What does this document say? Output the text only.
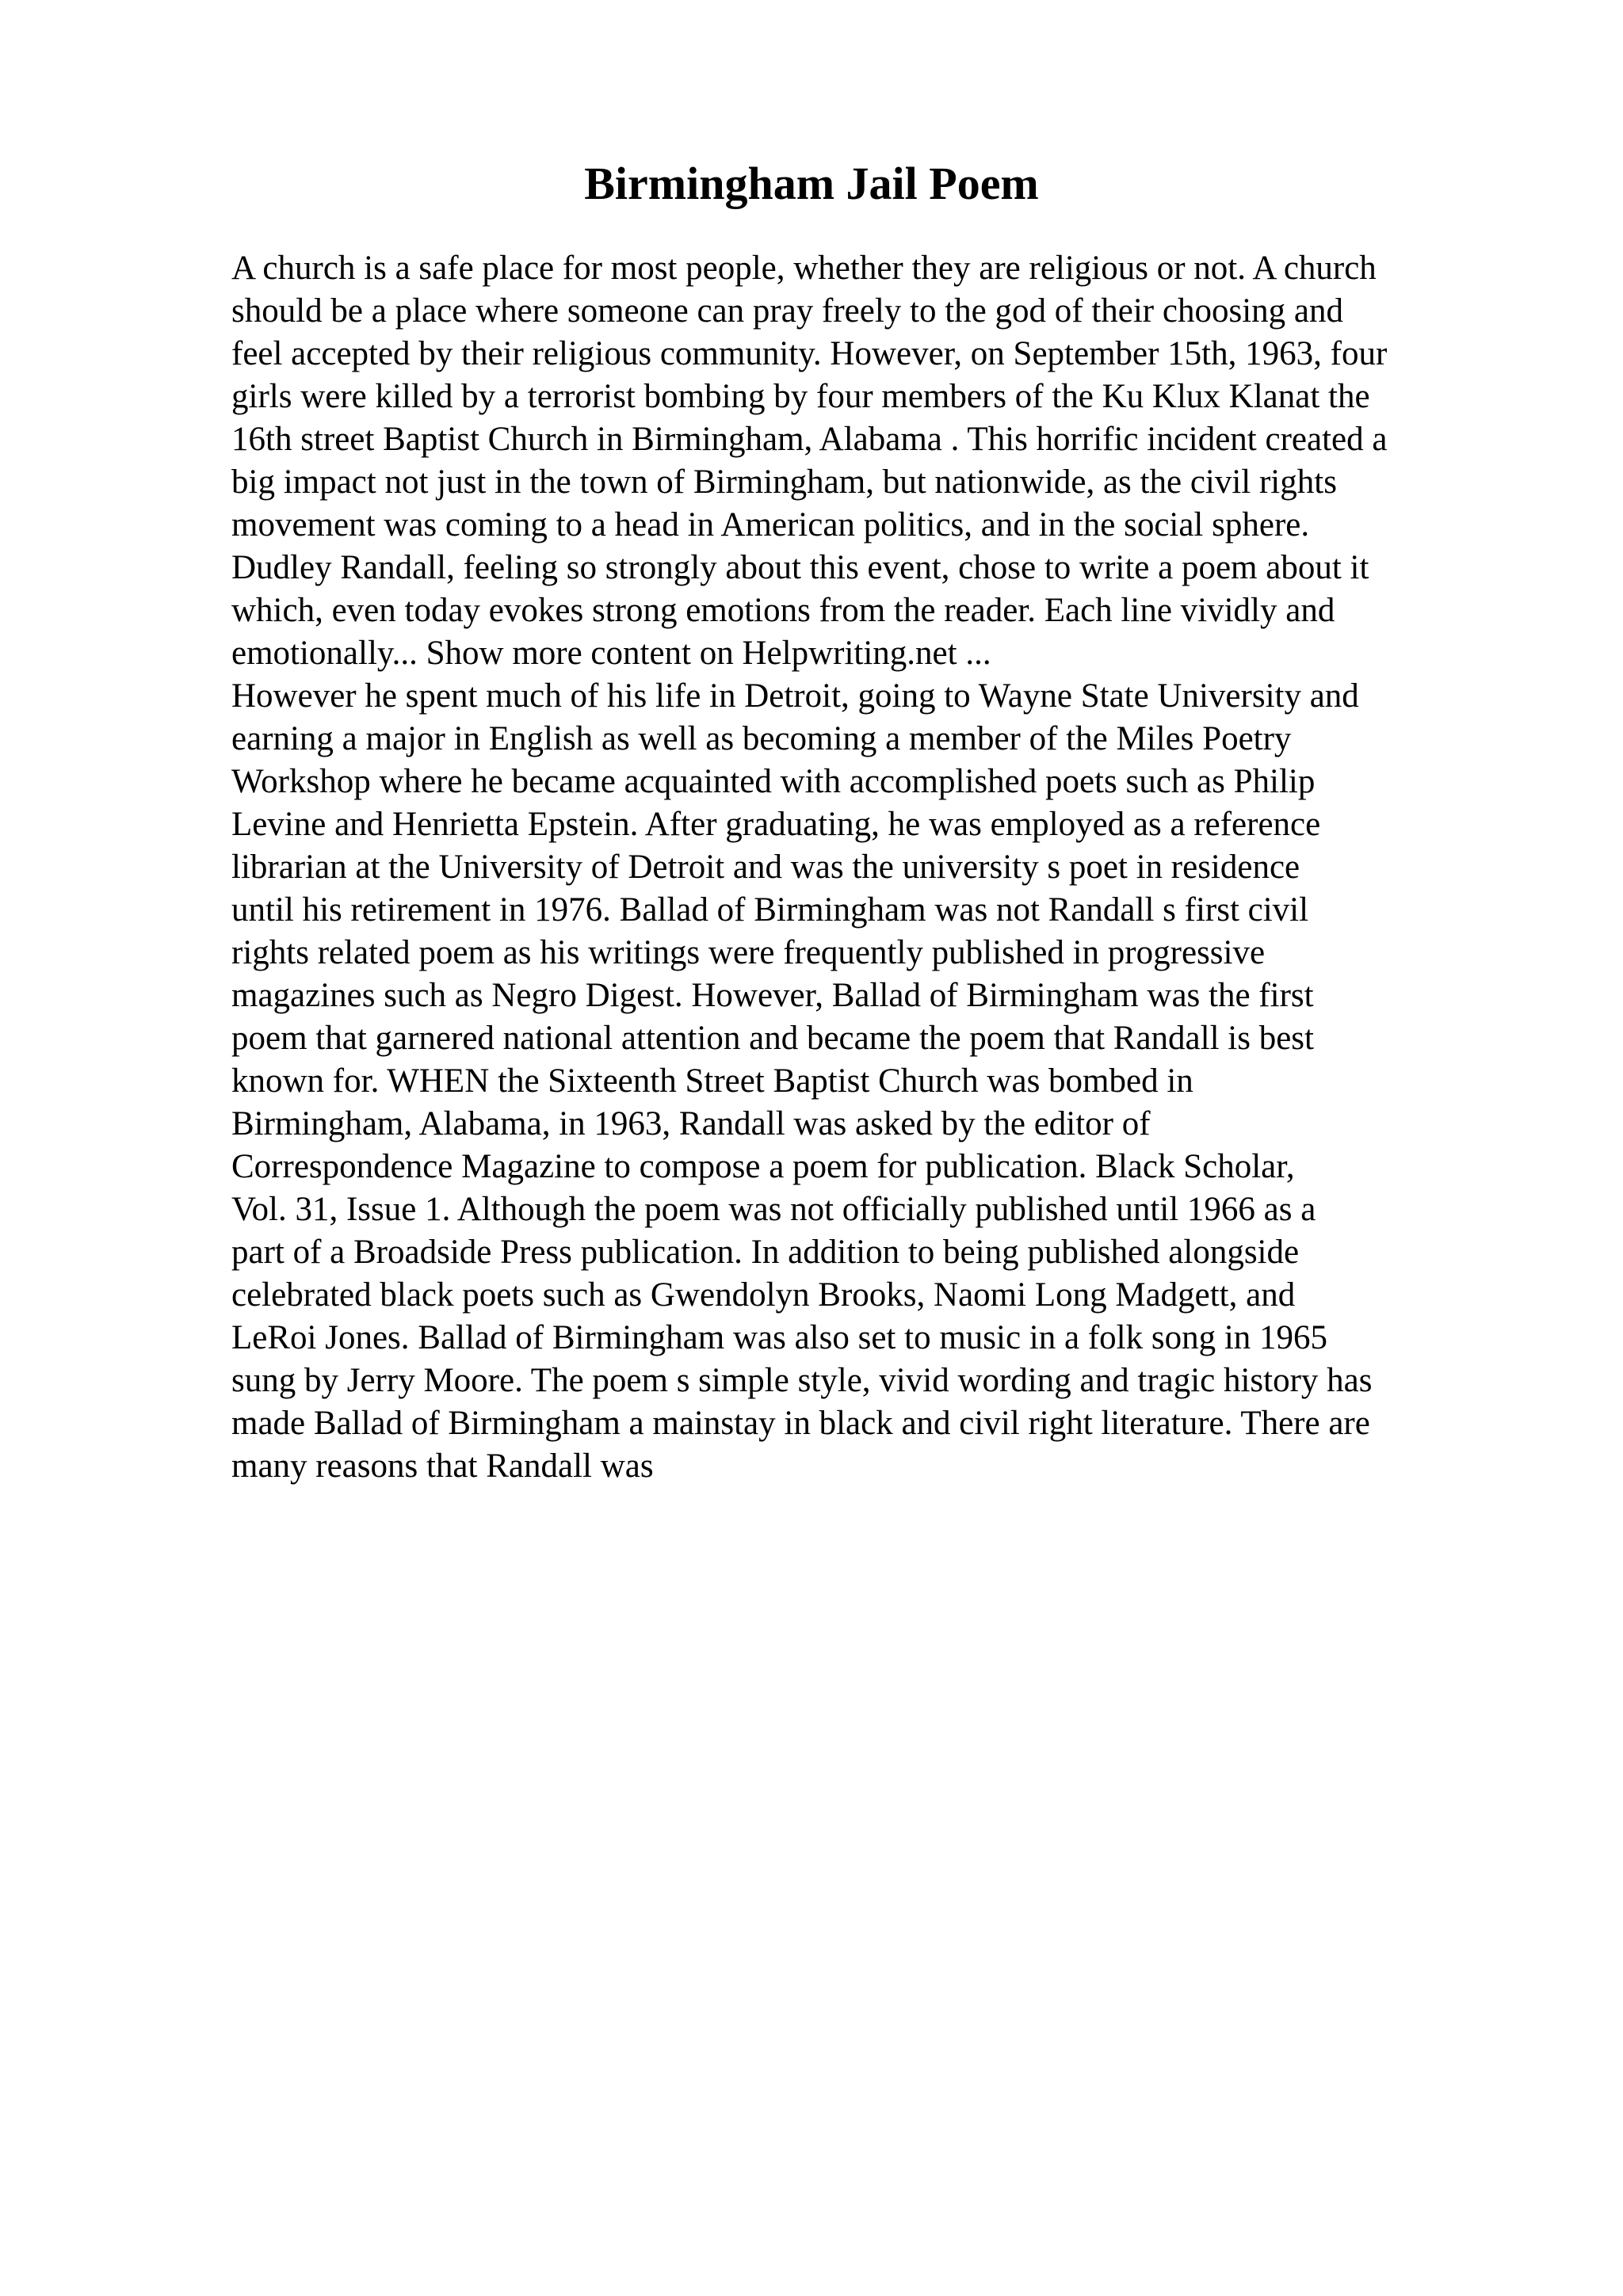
Birmingham Jail Poem
A church is a safe place for most people, whether they are religious or not. A church
should be a place where someone can pray freely to the god of their choosing and
feel accepted by their religious community. However, on September 15th, 1963, four
girls were killed by a terrorist bombing by four members of the Ku Klux Klanat the
16th street Baptist Church in Birmingham, Alabama . This horrific incident created a
big impact not just in the town of Birmingham, but nationwide, as the civil rights
movement was coming to a head in American politics, and in the social sphere.
Dudley Randall, feeling so strongly about this event, chose to write a poem about it
which, even today evokes strong emotions from the reader. Each line vividly and
emotionally... Show more content on Helpwriting.net ...
However he spent much of his life in Detroit, going to Wayne State University and
earning a major in English as well as becoming a member of the Miles Poetry
Workshop where he became acquainted with accomplished poets such as Philip
Levine and Henrietta Epstein. After graduating, he was employed as a reference
librarian at the University of Detroit and was the university s poet in residence
until his retirement in 1976. Ballad of Birmingham was not Randall s first civil
rights related poem as his writings were frequently published in progressive
magazines such as Negro Digest. However, Ballad of Birmingham was the first
poem that garnered national attention and became the poem that Randall is best
known for. WHEN the Sixteenth Street Baptist Church was bombed in
Birmingham, Alabama, in 1963, Randall was asked by the editor of
Correspondence Magazine to compose a poem for publication. Black Scholar,
Vol. 31, Issue 1. Although the poem was not officially published until 1966 as a
part of a Broadside Press publication. In addition to being published alongside
celebrated black poets such as Gwendolyn Brooks, Naomi Long Madgett, and
LeRoi Jones. Ballad of Birmingham was also set to music in a folk song in 1965
sung by Jerry Moore. The poem s simple style, vivid wording and tragic history has
made Ballad of Birmingham a mainstay in black and civil right literature. There are
many reasons that Randall was
